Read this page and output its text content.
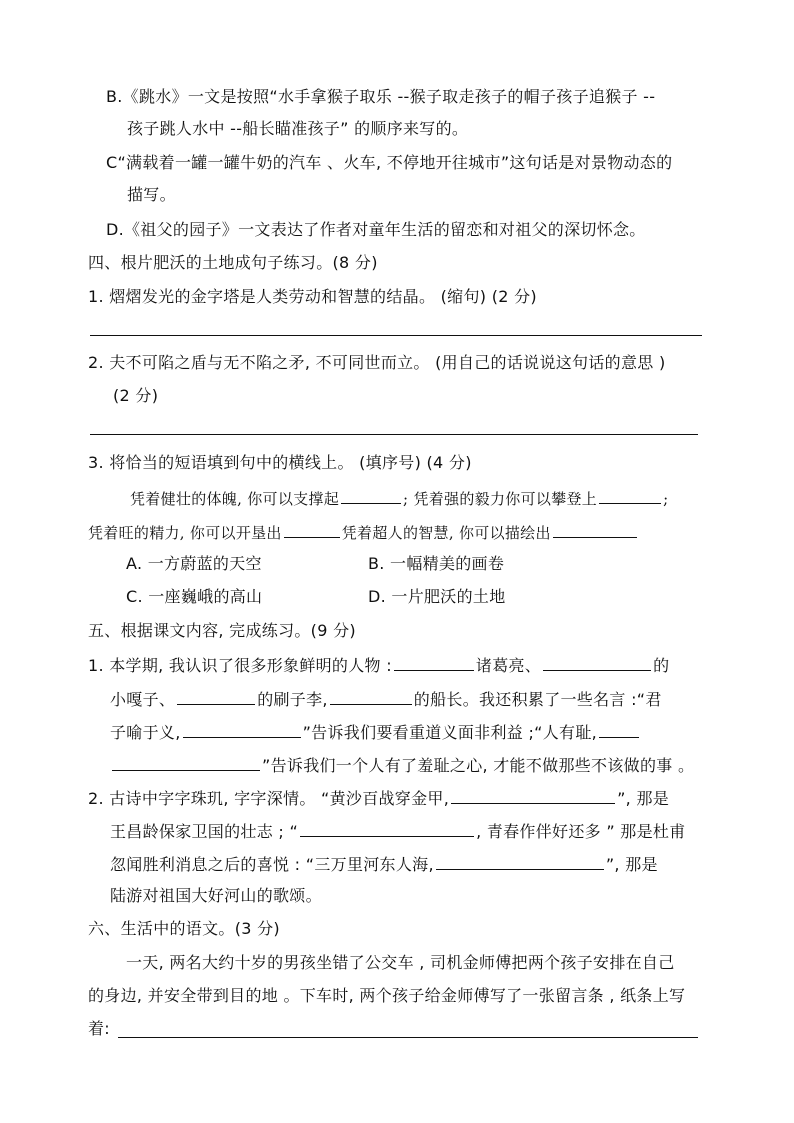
B.《跳水》一文是按照“水手拿猴子取乐 --猴子取走孩子的帽子孩子追猴子 --
孩子跳人水中 --船长瞄准孩子” 的顺序来写的。
C“满载着一罐一罐牛奶的汽车 、火车, 不停地开往城市”这句话是对景物动态的
描写。
D.《祖父的园子》一文表达了作者对童年生活的留恋和对祖父的深切怀念。
四、根片肥沃的土地成句子练习。(8 分)
1. 熠熠发光的金字塔是人类劳动和智慧的结晶。 (缩句) (2 分)
2. 夫不可陷之盾与无不陷之矛, 不可同世而立。 (用自己的话说说这句话的意思 )
(2 分)
3. 将恰当的短语填到句中的横线上。 (填序号) (4 分)
凭着健壮的体魄, 你可以支撑起	; 凭着强的毅力你可以攀登上	;
凭着旺的精力, 你可以开垦出	凭着超人的智慧, 你可以描绘出
A. 一方蔚蓝的天空	B. 一幅精美的画卷
C. 一座巍峨的高山	D. 一片肥沃的土地
五、根据课文内容, 完成练习。(9 分)
1. 本学期, 我认识了很多形象鲜明的人物 :	诸葛亮、	的
小嘎子、	的刷子李,	的船长。我还积累了一些名言 :“君
子喻于义,	”告诉我们要看重道义面非利益 ;“人有耻,
”告诉我们一个人有了羞耻之心, 才能不做那些不该做的事 。
2. 古诗中字字珠玑, 字字深情。 “黄沙百战穿金甲,	”, 那是
王昌龄保家卫国的壮志 ; “	, 青春作伴好还多 ” 那是杜甫
忽闻胜利消息之后的喜悦 : “三万里河东人海,	”, 那是
陆游对祖国大好河山的歌颂。
六、生活中的语文。(3 分)
一天, 两名大约十岁的男孩坐错了公交车 , 司机金师傅把两个孩子安排在自己
的身边, 并安全带到目的地 。下车时, 两个孩子给金师傅写了一张留言条 , 纸条上写
着:
